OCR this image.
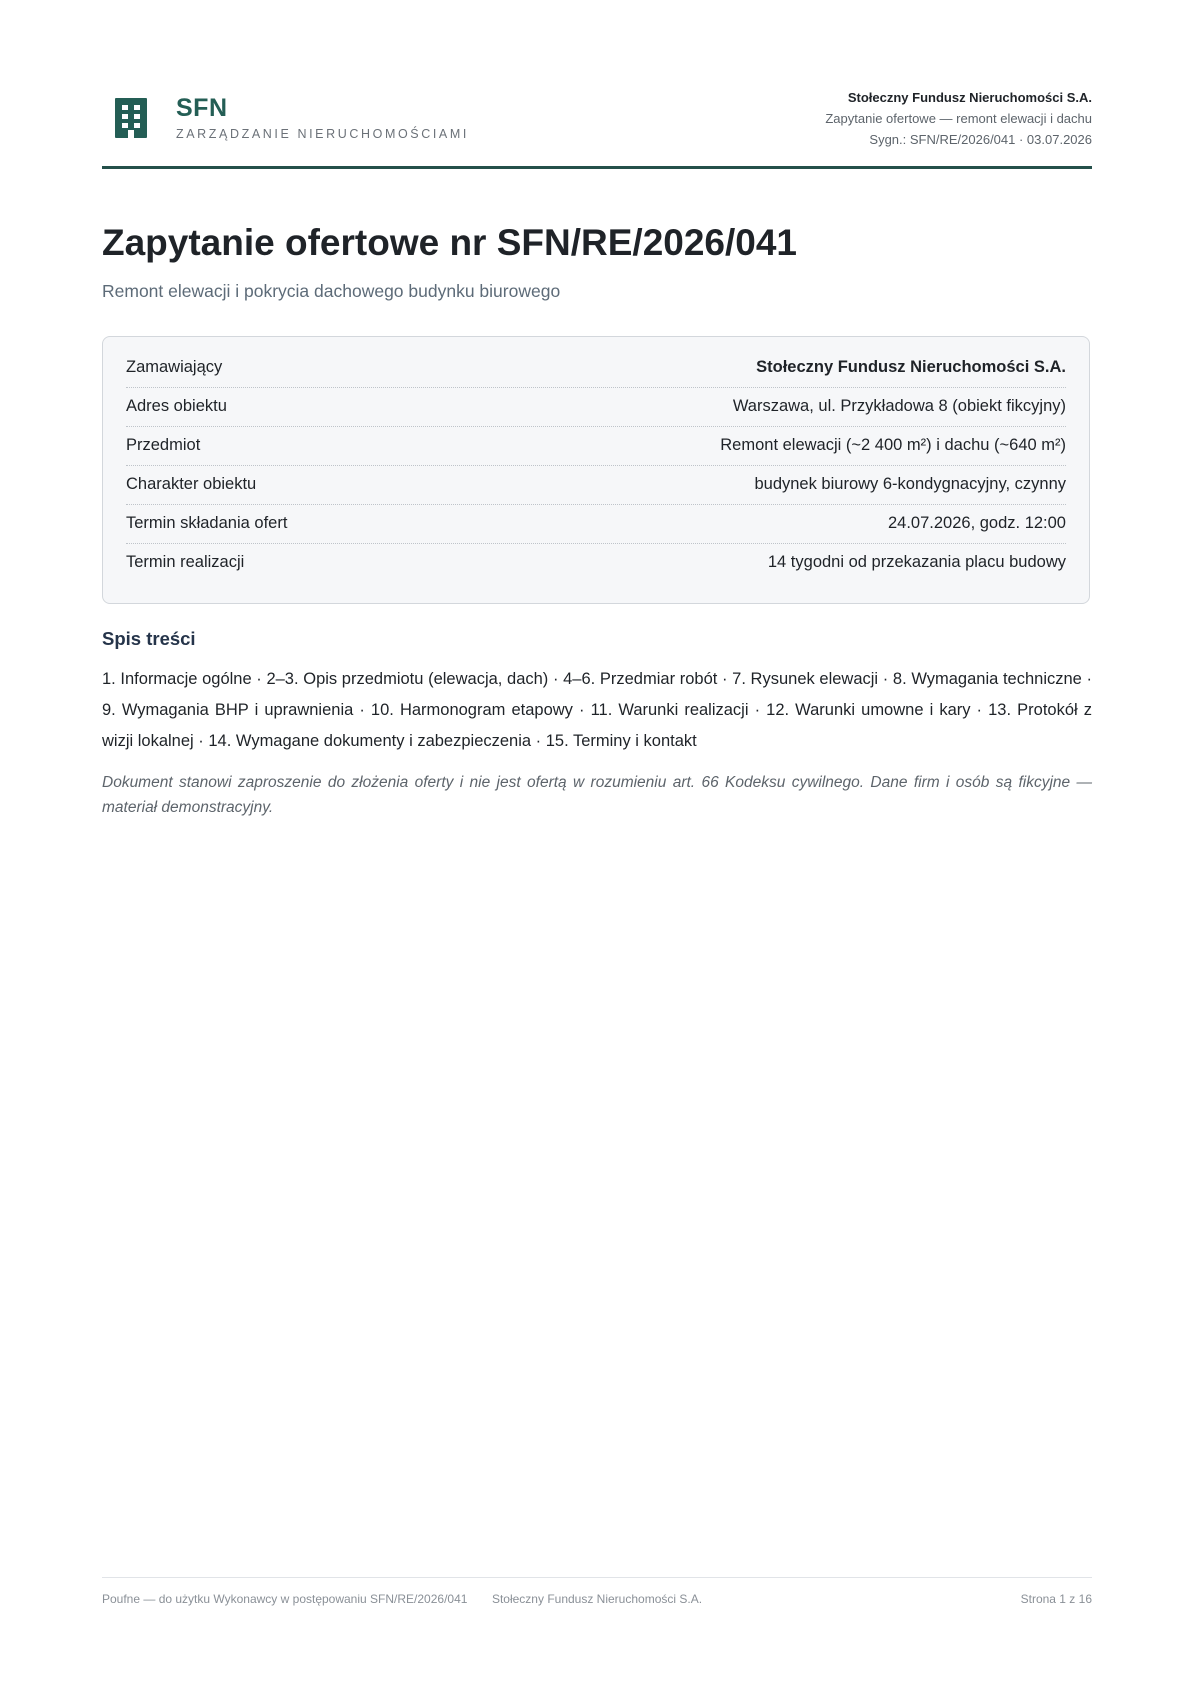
SFN
ZARZĄDZANIE NIERUCHOMOŚCIAMI
Stołeczny Fundusz Nieruchomości S.A.
Zapytanie ofertowe — remont elewacji i dachu
Sygn.: SFN/RE/2026/041 · 03.07.2026
Zapytanie ofertowe nr SFN/RE/2026/041
Remont elewacji i pokrycia dachowego budynku biurowego
Zamawiający	Stołeczny Fundusz Nieruchomości S.A.
Adres obiektu	Warszawa, ul. Przykładowa 8 (obiekt fikcyjny)
Przedmiot	Remont elewacji (~2 400 m²) i dachu (~640 m²)
Charakter obiektu	budynek biurowy 6-kondygnacyjny, czynny
Termin składania ofert	24.07.2026, godz. 12:00
Termin realizacji	14 tygodni od przekazania placu budowy
Spis treści
1. Informacje ogólne · 2–3. Opis przedmiotu (elewacja, dach) · 4–6. Przedmiar robót · 7. Rysunek elewacji · 8. Wymagania techniczne · 9. Wymagania BHP i uprawnienia · 10. Harmonogram etapowy · 11. Warunki realizacji · 12. Warunki umowne i kary · 13. Protokół z wizji lokalnej · 14. Wymagane dokumenty i zabezpieczenia · 15. Terminy i kontakt
Dokument stanowi zaproszenie do złożenia oferty i nie jest ofertą w rozumieniu art. 66 Kodeksu cywilnego. Dane firm i osób są fikcyjne — materiał demonstracyjny.
Poufne — do użytku Wykonawcy w postępowaniu SFN/RE/2026/041	Stołeczny Fundusz Nieruchomości S.A.	Strona 1 z 16
